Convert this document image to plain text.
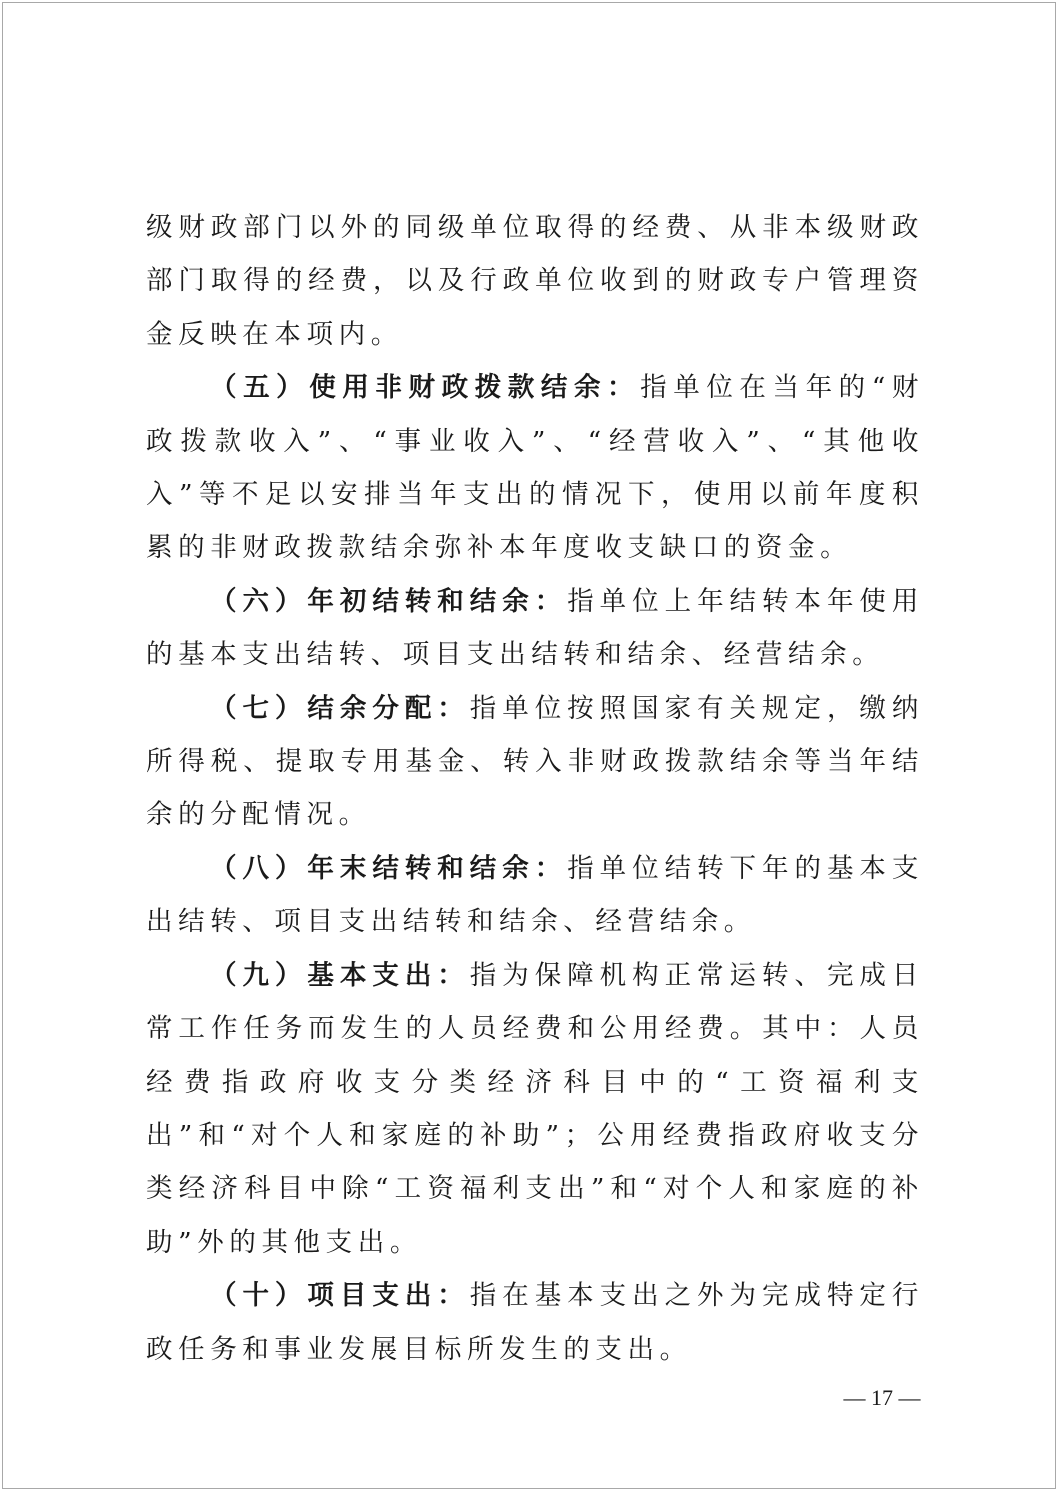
级财政部门以外的同级单位取得的经费、从非本级财政部门取得的经费，以及行政单位收到的财政专户管理资金反映在本项内。

（五）使用非财政拨款结余：指单位在当年的“财政拨款收入”、“事业收入”、“经营收入”、“其他收入”等不足以安排当年支出的情况下，使用以前年度积累的非财政拨款结余弥补本年度收支缺口的资金。

（六）年初结转和结余：指单位上年结转本年使用的基本支出结转、项目支出结转和结余、经营结余。

（七）结余分配：指单位按照国家有关规定，缴纳所得税、提取专用基金、转入非财政拨款结余等当年结余的分配情况。

（八）年末结转和结余：指单位结转下年的基本支出结转、项目支出结转和结余、经营结余。

（九）基本支出：指为保障机构正常运转、完成日常工作任务而发生的人员经费和公用经费。其中：人员经费指政府收支分类经济科目中的“工资福利支出”和“对个人和家庭的补助”；公用经费指政府收支分类经济科目中除“工资福利支出”和“对个人和家庭的补助”外的其他支出。

（十）项目支出：指在基本支出之外为完成特定行政任务和事业发展目标所发生的支出。

— 17 —
